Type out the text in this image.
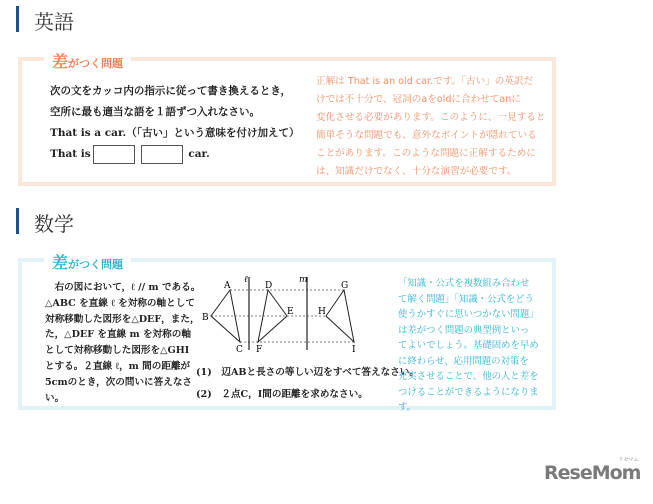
英語
差がつく問題
次の文をカッコ内の指示に従って書き換えるとき，
空所に最も適当な語を１語ずつ入れなさい。
That is a car.（「古い」という意味を付け加えて）
That is	car.
正解は That is an old car.です。「古い」の英訳だ
けでは不十分で、冠詞のaをoldに合わせてanに
変化させる必要があります。このように、一見すると
簡単そうな問題でも、意外なポイントが隠れている
ことがあります。このような問題に正解するために
は、知識だけでなく、十分な演習が必要です。
数学
差がつく問題
右の図において，ℓ // m である。
△ABC を直線 ℓ を対称の軸として
対称移動した図形を△DEF，また，
た，△DEF を直線 m を対称の軸
として対称移動した図形を△GHI
とする。２直線 ℓ，m 間の距離が
5cmのとき，次の問いに答えなさ
い。
(1)　辺ABと長さの等しい辺をすべて答えなさい。
(2)　２点C，I間の距離を求めなさい。
「知識・公式を複数組み合わせ
て解く問題」「知識・公式をどう
使うかすぐに思いつかない問題」
は差がつく問題の典型例といっ
てよいでしょう。基礎固めを早め
に終わらせ、応用問題の対策を
充実させることで、他の人と差を
つけることができるようになります。
A
B
C
D
E
F
G
H
I
ℓ	m
リセマム
ReseMom
